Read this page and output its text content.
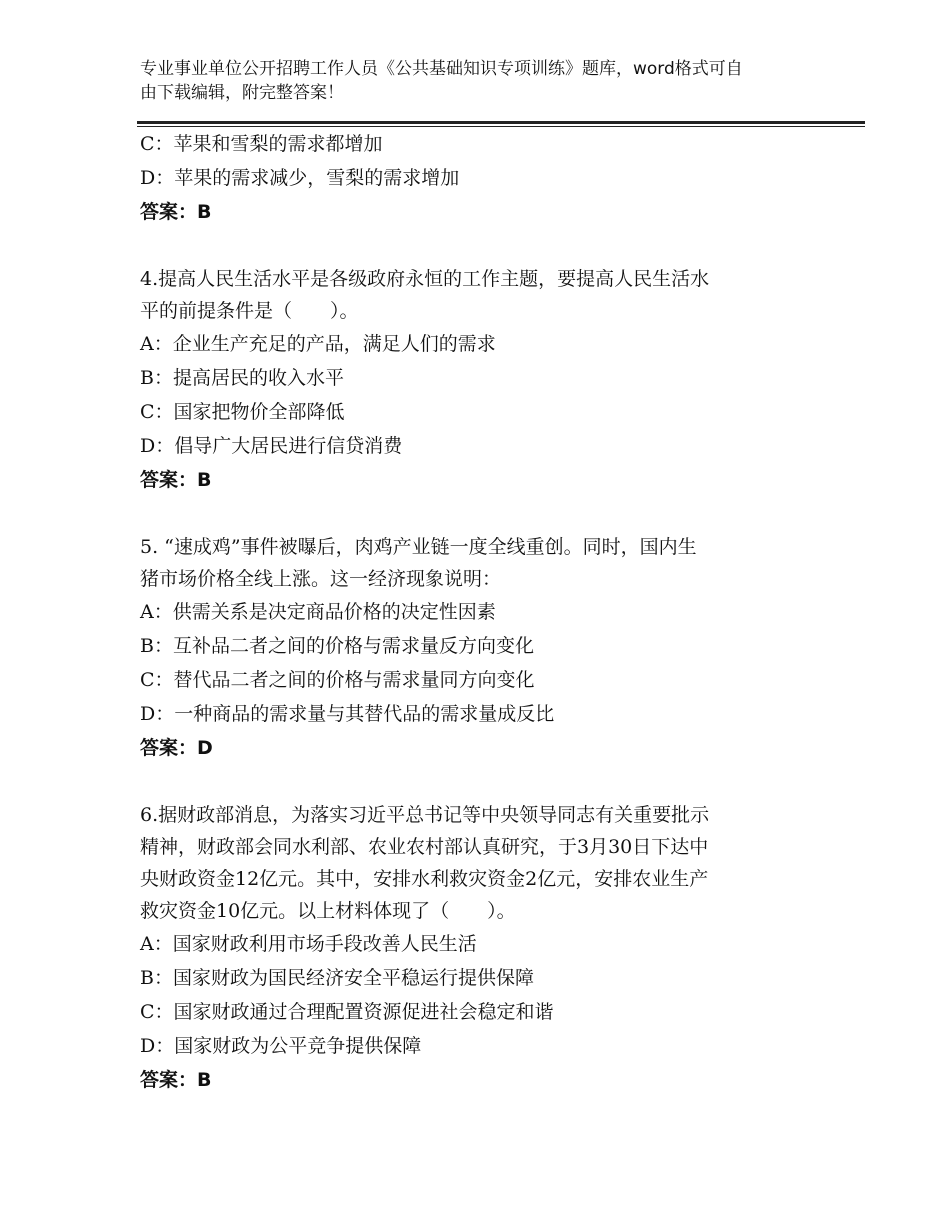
专业事业单位公开招聘工作人员《公共基础知识专项训练》题库，word格式可自
由下载编辑，附完整答案！
C：苹果和雪梨的需求都增加
D：苹果的需求减少，雪梨的需求增加
答案：B
4.提高人民生活水平是各级政府永恒的工作主题，要提高人民生活水
平的前提条件是（　　）。
A：企业生产充足的产品，满足人们的需求
B：提高居民的收入水平
C：国家把物价全部降低
D：倡导广大居民进行信贷消费
答案：B
5. “速成鸡”事件被曝后，肉鸡产业链一度全线重创。同时，国内生
猪市场价格全线上涨。这一经济现象说明：
A：供需关系是决定商品价格的决定性因素
B：互补品二者之间的价格与需求量反方向变化
C：替代品二者之间的价格与需求量同方向变化
D：一种商品的需求量与其替代品的需求量成反比
答案：D
6.据财政部消息，为落实习近平总书记等中央领导同志有关重要批示
精神，财政部会同水利部、农业农村部认真研究，于3月30日下达中
央财政资金12亿元。其中，安排水利救灾资金2亿元，安排农业生产
救灾资金10亿元。以上材料体现了（　　）。
A：国家财政利用市场手段改善人民生活
B：国家财政为国民经济安全平稳运行提供保障
C：国家财政通过合理配置资源促进社会稳定和谐
D：国家财政为公平竞争提供保障
答案：B
